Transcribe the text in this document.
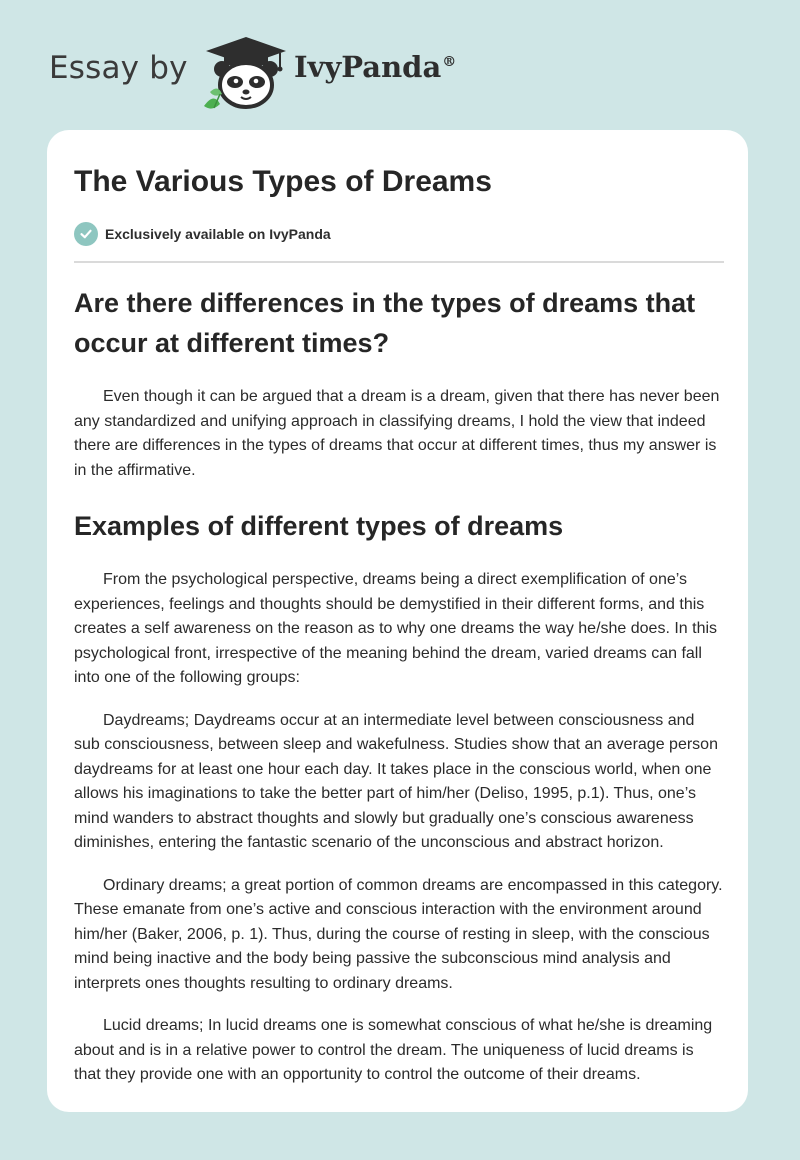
Essay by	IvyPanda®
The Various Types of Dreams
Exclusively available on IvyPanda
Are there differences in the types of dreams that occur at different times?

Even though it can be argued that a dream is a dream, given that there has never been any standardized and unifying approach in classifying dreams, I hold the view that indeed there are differences in the types of dreams that occur at different times, thus my answer is in the affirmative.

Examples of different types of dreams

From the psychological perspective, dreams being a direct exemplification of one’s experiences, feelings and thoughts should be demystified in their different forms, and this creates a self awareness on the reason as to why one dreams the way he/she does. In this psychological front, irrespective of the meaning behind the dream, varied dreams can fall into one of the following groups:

Daydreams; Daydreams occur at an intermediate level between consciousness and sub consciousness, between sleep and wakefulness. Studies show that an average person daydreams for at least one hour each day. It takes place in the conscious world, when one allows his imaginations to take the better part of him/her (Deliso, 1995, p.1). Thus, one’s mind wanders to abstract thoughts and slowly but gradually one’s conscious awareness diminishes, entering the fantastic scenario of the unconscious and abstract horizon.

Ordinary dreams; a great portion of common dreams are encompassed in this category. These emanate from one’s active and conscious interaction with the environment around him/her (Baker, 2006, p. 1). Thus, during the course of resting in sleep, with the conscious mind being inactive and the body being passive the subconscious mind analysis and interprets ones thoughts resulting to ordinary dreams.

Lucid dreams; In lucid dreams one is somewhat conscious of what he/she is dreaming about and is in a relative power to control the dream. The uniqueness of lucid dreams is that they provide one with an opportunity to control the outcome of their dreams.
